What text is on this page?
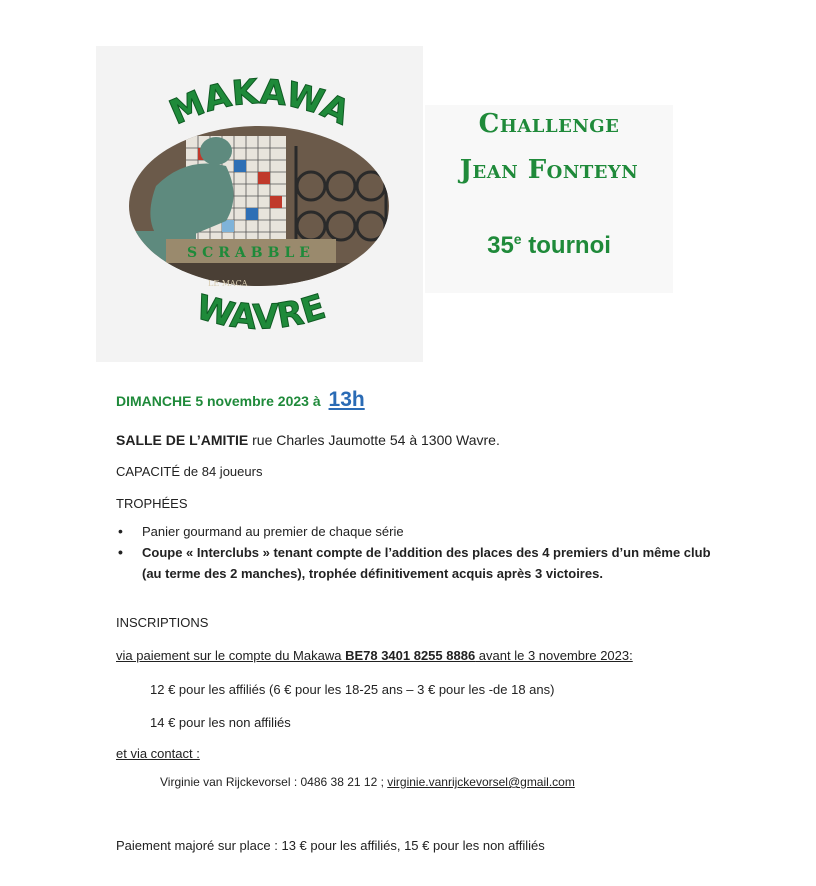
SCRABBLE
LE MACA
MAKAWA
WAVRE
Challenge
Jean Fonteyn
35e tournoi
DIMANCHE 5 novembre 2023 à 13h
SALLE DE L’AMITIE rue Charles Jaumotte 54 à 1300 Wavre.
CAPACITÉ de 84 joueurs
TROPHÉES
• Panier gourmand au premier de chaque série
• Coupe « Interclubs » tenant compte de l’addition des places des 4 premiers d’un même club
(au terme des 2 manches), trophée définitivement acquis après 3 victoires.
INSCRIPTIONS
via paiement sur le compte du Makawa BE78 3401 8255 8886 avant le 3 novembre 2023:
12 € pour les affiliés (6 € pour les 18-25 ans – 3 € pour les -de 18 ans)
14 € pour les non affiliés
et via contact :
Virginie van Rijckevorsel : 0486 38 21 12 ; virginie.vanrijckevorsel@gmail.com
Paiement majoré sur place : 13 € pour les affiliés, 15 € pour les non affiliés
